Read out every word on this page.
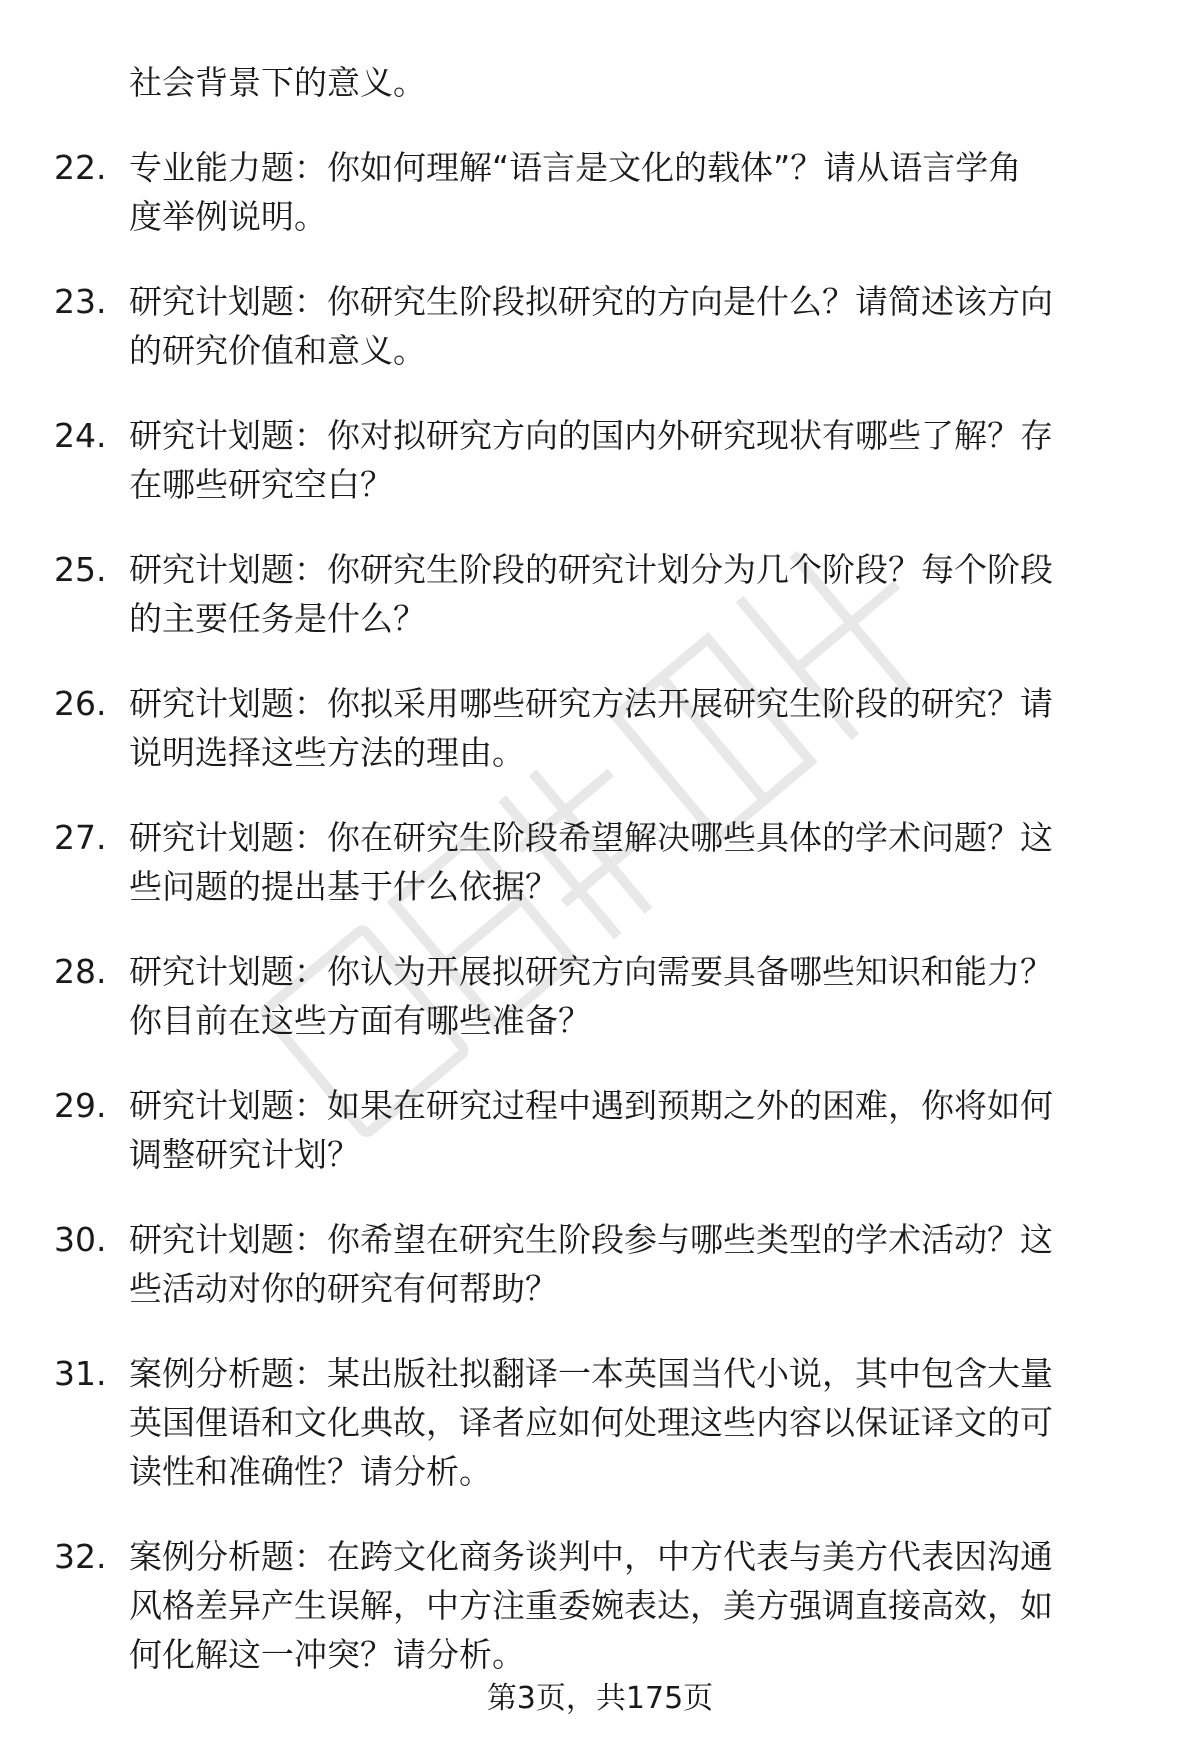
社会背景下的意义。
22. 专业能力题：你如何理解“语言是文化的载体”？请从语言学角
度举例说明。
23. 研究计划题：你研究生阶段拟研究的方向是什么？请简述该方向
的研究价值和意义。
24. 研究计划题：你对拟研究方向的国内外研究现状有哪些了解？存
在哪些研究空白？
25. 研究计划题：你研究生阶段的研究计划分为几个阶段？每个阶段
的主要任务是什么？
26. 研究计划题：你拟采用哪些研究方法开展研究生阶段的研究？请
说明选择这些方法的理由。
27. 研究计划题：你在研究生阶段希望解决哪些具体的学术问题？这
些问题的提出基于什么依据？
28. 研究计划题：你认为开展拟研究方向需要具备哪些知识和能力？
你目前在这些方面有哪些准备？
29. 研究计划题：如果在研究过程中遇到预期之外的困难，你将如何
调整研究计划？
30. 研究计划题：你希望在研究生阶段参与哪些类型的学术活动？这
些活动对你的研究有何帮助？
31. 案例分析题：某出版社拟翻译一本英国当代小说，其中包含大量
英国俚语和文化典故，译者应如何处理这些内容以保证译文的可
读性和准确性？请分析。
32. 案例分析题：在跨文化商务谈判中，中方代表与美方代表因沟通
风格差异产生误解，中方注重委婉表达，美方强调直接高效，如
何化解这一冲突？请分析。
第3页，共175页
